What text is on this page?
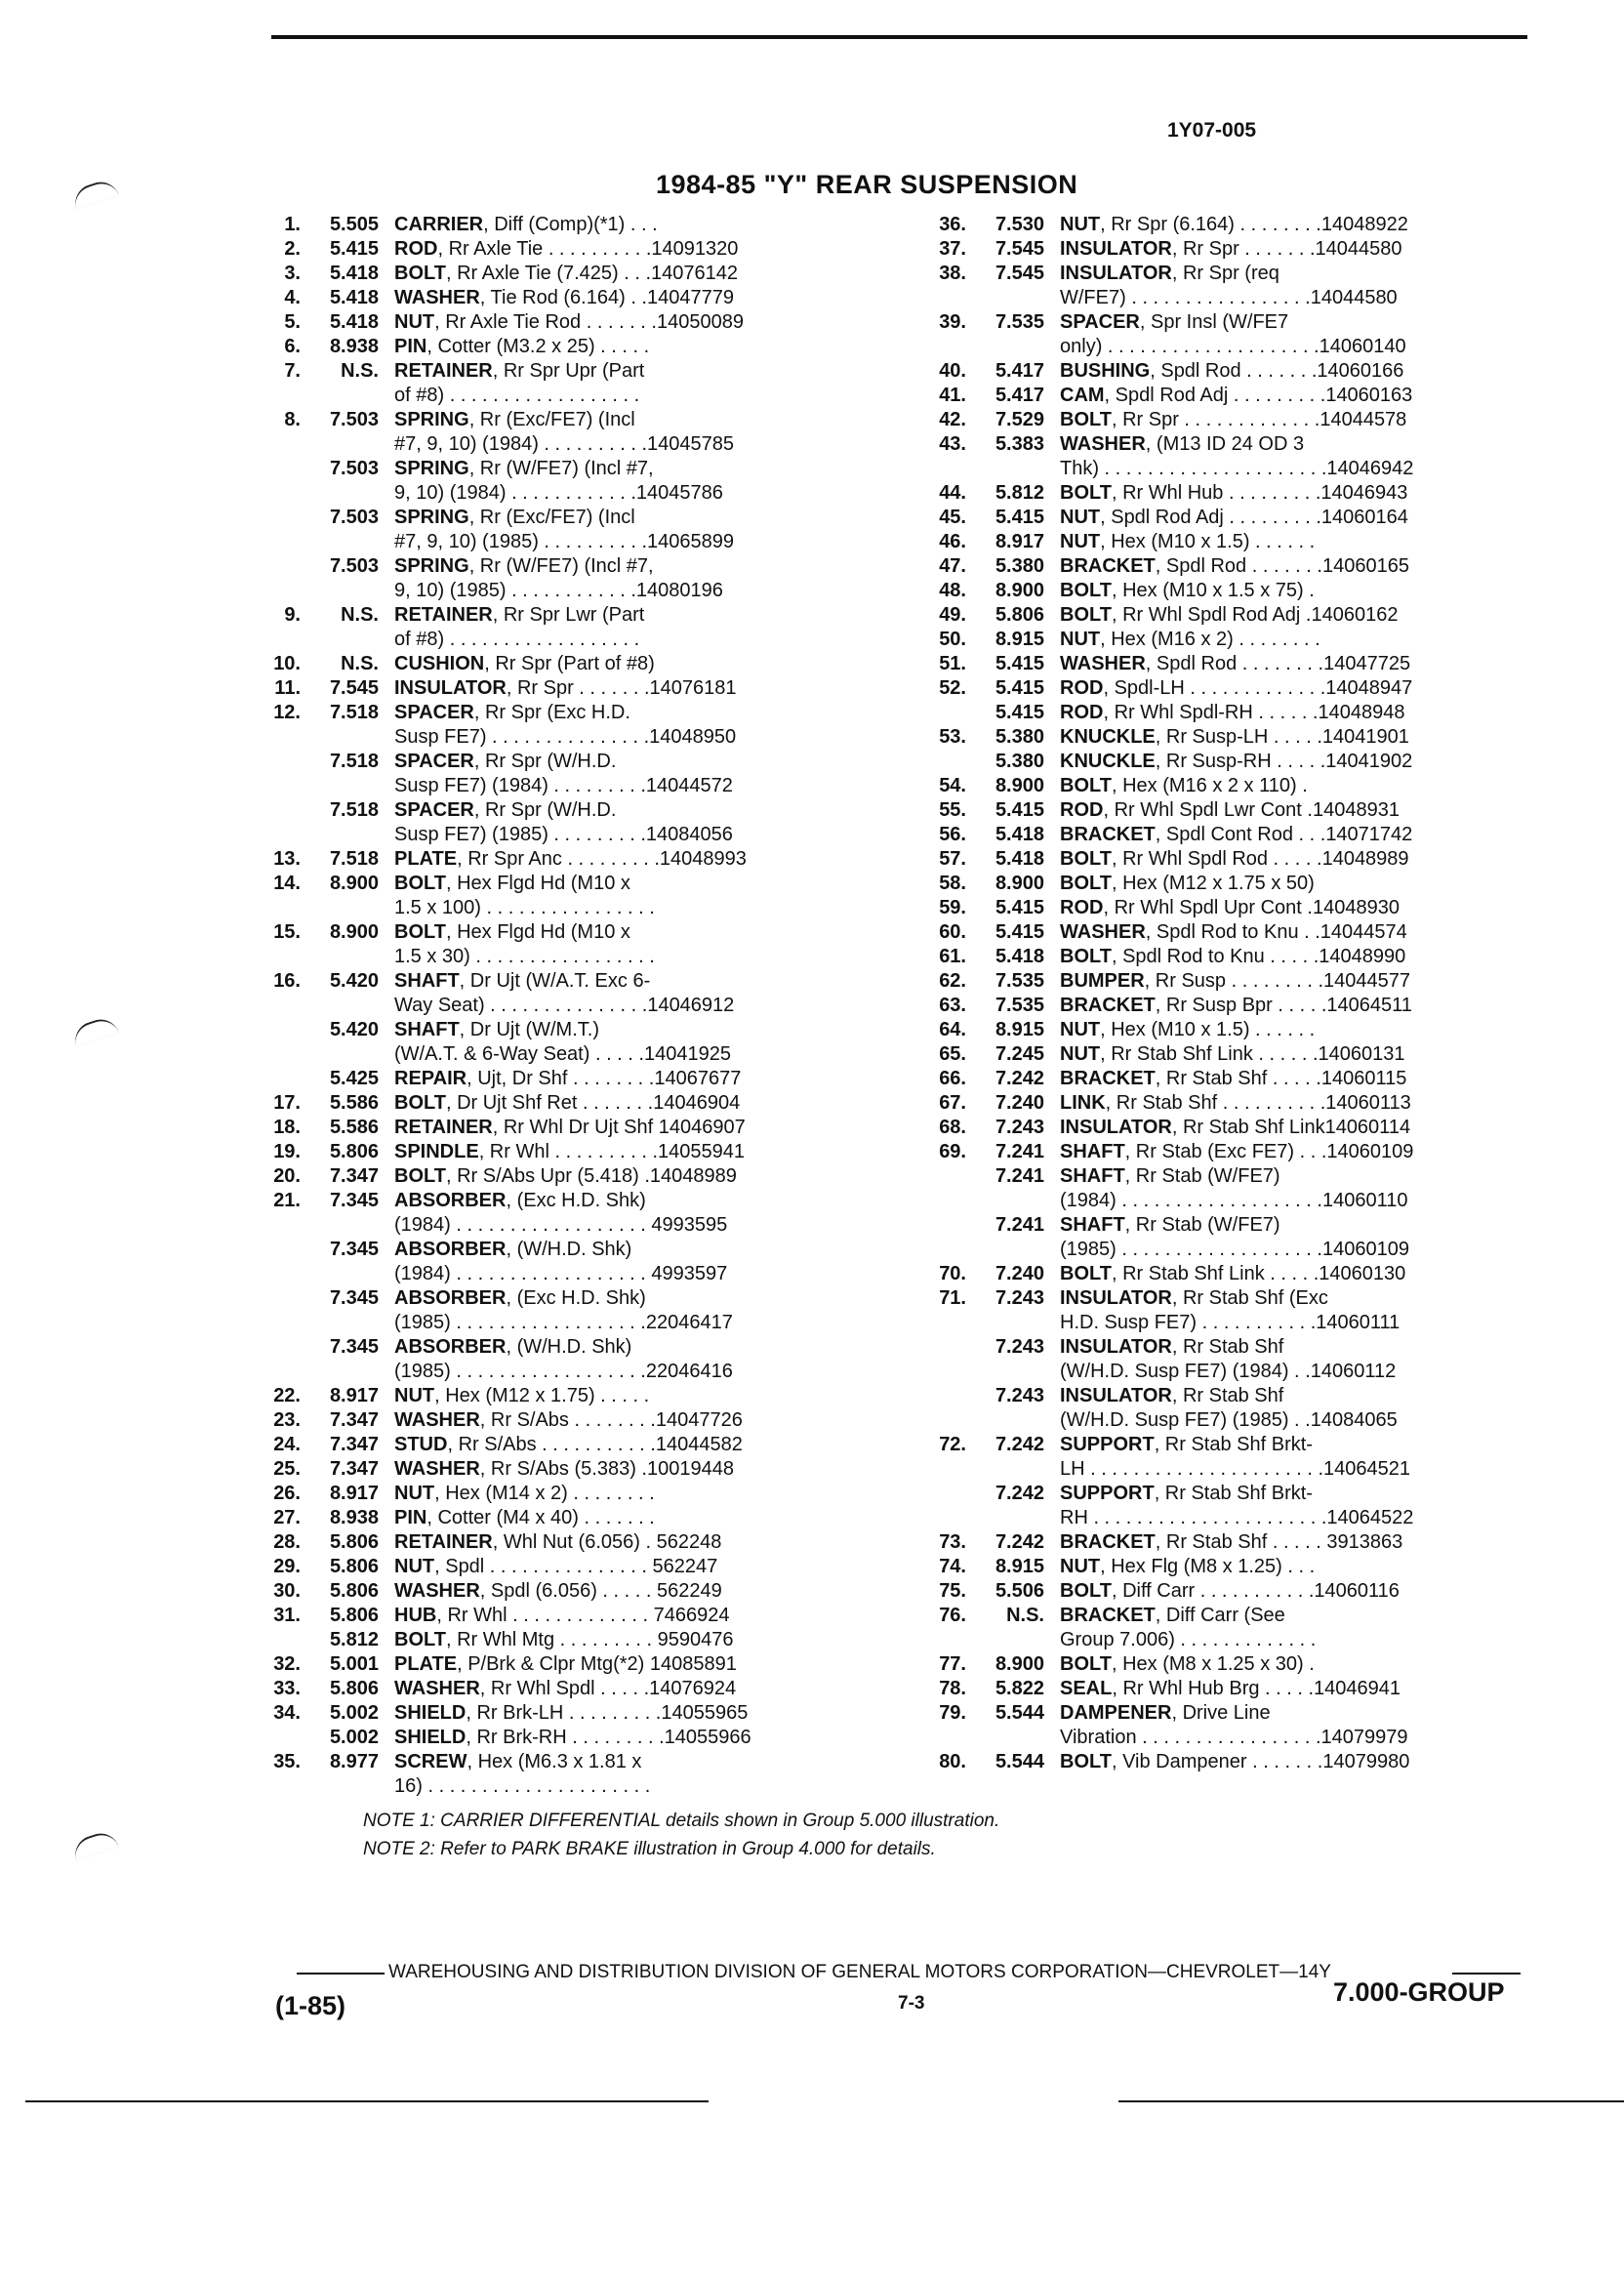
1Y07-005
1984-85 "Y" REAR SUSPENSION
1.	5.505 CARRIER, Diff (Comp)(*1) . . .
2.	5.415 ROD, Rr Axle Tie . . . . . . . . . .14091320
3.	5.418 BOLT, Rr Axle Tie (7.425) . . .14076142
4.	5.418 WASHER, Tie Rod (6.164) . .14047779
5.	5.418 NUT, Rr Axle Tie Rod . . . . . . .14050089
6.	8.938 PIN, Cotter (M3.2 x 25) . . . . .
7.	N.S. RETAINER, Rr Spr Upr (Part
of #8) . . . . . . . . . . . . . . . . . .
8.	7.503 SPRING, Rr (Exc/FE7) (Incl
#7, 9, 10) (1984) . . . . . . . . . .14045785
7.503 SPRING, Rr (W/FE7) (Incl #7,
9, 10) (1984) . . . . . . . . . . . .14045786
7.503 SPRING, Rr (Exc/FE7) (Incl
#7, 9, 10) (1985) . . . . . . . . . .14065899
7.503 SPRING, Rr (W/FE7) (Incl #7,
9, 10) (1985) . . . . . . . . . . . .14080196
9.	N.S. RETAINER, Rr Spr Lwr (Part
of #8) . . . . . . . . . . . . . . . . . .
10.	N.S. CUSHION, Rr Spr (Part of #8)
11.	7.545 INSULATOR, Rr Spr . . . . . . .14076181
12.	7.518 SPACER, Rr Spr (Exc H.D.
Susp FE7) . . . . . . . . . . . . . . .14048950
7.518 SPACER, Rr Spr (W/H.D.
Susp FE7) (1984) . . . . . . . . .14044572
7.518 SPACER, Rr Spr (W/H.D.
Susp FE7) (1985) . . . . . . . . .14084056
13.	7.518 PLATE, Rr Spr Anc . . . . . . . . .14048993
14.	8.900 BOLT, Hex Flgd Hd (M10 x
1.5 x 100) . . . . . . . . . . . . . . . .
15.	8.900 BOLT, Hex Flgd Hd (M10 x
1.5 x 30) . . . . . . . . . . . . . . . . .
16.	5.420 SHAFT, Dr Ujt (W/A.T. Exc 6-
Way Seat) . . . . . . . . . . . . . . .14046912
5.420 SHAFT, Dr Ujt (W/M.T.)
(W/A.T. & 6-Way Seat) . . . . .14041925
5.425 REPAIR, Ujt, Dr Shf . . . . . . . .14067677
17.	5.586 BOLT, Dr Ujt Shf Ret . . . . . . .14046904
18.	5.586 RETAINER, Rr Whl Dr Ujt Shf 14046907
19.	5.806 SPINDLE, Rr Whl . . . . . . . . . .14055941
20.	7.347 BOLT, Rr S/Abs Upr (5.418) .14048989
21.	7.345 ABSORBER, (Exc H.D. Shk)
(1984) . . . . . . . . . . . . . . . . . . 4993595
7.345 ABSORBER, (W/H.D. Shk)
(1984) . . . . . . . . . . . . . . . . . . 4993597
7.345 ABSORBER, (Exc H.D. Shk)
(1985) . . . . . . . . . . . . . . . . . .22046417
7.345 ABSORBER, (W/H.D. Shk)
(1985) . . . . . . . . . . . . . . . . . .22046416
22.	8.917 NUT, Hex (M12 x 1.75) . . . . .
23.	7.347 WASHER, Rr S/Abs . . . . . . . .14047726
24.	7.347 STUD, Rr S/Abs . . . . . . . . . . .14044582
25.	7.347 WASHER, Rr S/Abs (5.383) .10019448
26.	8.917 NUT, Hex (M14 x 2) . . . . . . . .
27.	8.938 PIN, Cotter (M4 x 40) . . . . . . .
28.	5.806 RETAINER, Whl Nut (6.056) . 562248
29.	5.806 NUT, Spdl . . . . . . . . . . . . . . . 562247
30.	5.806 WASHER, Spdl (6.056) . . . . . 562249
31.	5.806 HUB, Rr Whl . . . . . . . . . . . . . 7466924
5.812 BOLT, Rr Whl Mtg . . . . . . . . . 9590476
32.	5.001 PLATE, P/Brk & Clpr Mtg(*2) 14085891
33.	5.806 WASHER, Rr Whl Spdl . . . . .14076924
34.	5.002 SHIELD, Rr Brk-LH . . . . . . . . .14055965
5.002 SHIELD, Rr Brk-RH . . . . . . . . .14055966
35.	8.977 SCREW, Hex (M6.3 x 1.81 x
16) . . . . . . . . . . . . . . . . . . . . .
36.	7.530 NUT, Rr Spr (6.164) . . . . . . . .14048922
37.	7.545 INSULATOR, Rr Spr . . . . . . .14044580
38.	7.545 INSULATOR, Rr Spr (req
W/FE7) . . . . . . . . . . . . . . . . .14044580
39.	7.535 SPACER, Spr Insl (W/FE7
only) . . . . . . . . . . . . . . . . . . . .14060140
40.	5.417 BUSHING, Spdl Rod . . . . . . .14060166
41.	5.417 CAM, Spdl Rod Adj . . . . . . . . .14060163
42.	7.529 BOLT, Rr Spr . . . . . . . . . . . . .14044578
43.	5.383 WASHER, (M13 ID 24 OD 3
Thk) . . . . . . . . . . . . . . . . . . . . .14046942
44.	5.812 BOLT, Rr Whl Hub . . . . . . . . .14046943
45.	5.415 NUT, Spdl Rod Adj . . . . . . . . .14060164
46.	8.917 NUT, Hex (M10 x 1.5) . . . . . .
47.	5.380 BRACKET, Spdl Rod . . . . . . .14060165
48.	8.900 BOLT, Hex (M10 x 1.5 x 75) .
49.	5.806 BOLT, Rr Whl Spdl Rod Adj .14060162
50.	8.915 NUT, Hex (M16 x 2) . . . . . . . .
51.	5.415 WASHER, Spdl Rod . . . . . . . .14047725
52.	5.415 ROD, Spdl-LH . . . . . . . . . . . . .14048947
5.415 ROD, Rr Whl Spdl-RH . . . . . .14048948
53.	5.380 KNUCKLE, Rr Susp-LH . . . . .14041901
5.380 KNUCKLE, Rr Susp-RH . . . . .14041902
54.	8.900 BOLT, Hex (M16 x 2 x 110) .
55.	5.415 ROD, Rr Whl Spdl Lwr Cont .14048931
56.	5.418 BRACKET, Spdl Cont Rod . . .14071742
57.	5.418 BOLT, Rr Whl Spdl Rod . . . . .14048989
58.	8.900 BOLT, Hex (M12 x 1.75 x 50)
59.	5.415 ROD, Rr Whl Spdl Upr Cont .14048930
60.	5.415 WASHER, Spdl Rod to Knu . .14044574
61.	5.418 BOLT, Spdl Rod to Knu . . . . .14048990
62.	7.535 BUMPER, Rr Susp . . . . . . . . .14044577
63.	7.535 BRACKET, Rr Susp Bpr . . . . .14064511
64.	8.915 NUT, Hex (M10 x 1.5) . . . . . .
65.	7.245 NUT, Rr Stab Shf Link . . . . . .14060131
66.	7.242 BRACKET, Rr Stab Shf . . . . .14060115
67.	7.240 LINK, Rr Stab Shf . . . . . . . . . .14060113
68.	7.243 INSULATOR, Rr Stab Shf Link14060114
69.	7.241 SHAFT, Rr Stab (Exc FE7) . . .14060109
7.241 SHAFT, Rr Stab (W/FE7)
(1984) . . . . . . . . . . . . . . . . . . .14060110
7.241 SHAFT, Rr Stab (W/FE7)
(1985) . . . . . . . . . . . . . . . . . . .14060109
70.	7.240 BOLT, Rr Stab Shf Link . . . . .14060130
71.	7.243 INSULATOR, Rr Stab Shf (Exc
H.D. Susp FE7) . . . . . . . . . . .14060111
7.243 INSULATOR, Rr Stab Shf
(W/H.D. Susp FE7) (1984) . .14060112
7.243 INSULATOR, Rr Stab Shf
(W/H.D. Susp FE7) (1985) . .14084065
72.	7.242 SUPPORT, Rr Stab Shf Brkt-
LH . . . . . . . . . . . . . . . . . . . . . .14064521
7.242 SUPPORT, Rr Stab Shf Brkt-
RH . . . . . . . . . . . . . . . . . . . . . .14064522
73.	7.242 BRACKET, Rr Stab Shf . . . . . 3913863
74.	8.915 NUT, Hex Flg (M8 x 1.25) . . .
75.	5.506 BOLT, Diff Carr . . . . . . . . . . .14060116
76.	N.S. BRACKET, Diff Carr (See
Group 7.006) . . . . . . . . . . . . .
77.	8.900 BOLT, Hex (M8 x 1.25 x 30) .
78.	5.822 SEAL, Rr Whl Hub Brg . . . . .14046941
79.	5.544 DAMPENER, Drive Line
Vibration . . . . . . . . . . . . . . . . .14079979
80.	5.544 BOLT, Vib Dampener . . . . . . .14079980
NOTE 1: CARRIER DIFFERENTIAL details shown in Group 5.000 illustration.
NOTE 2: Refer to PARK BRAKE illustration in Group 4.000 for details.
WAREHOUSING AND DISTRIBUTION DIVISION OF GENERAL MOTORS CORPORATION—CHEVROLET—14Y
(1-85)	7-3	7.000-GROUP
